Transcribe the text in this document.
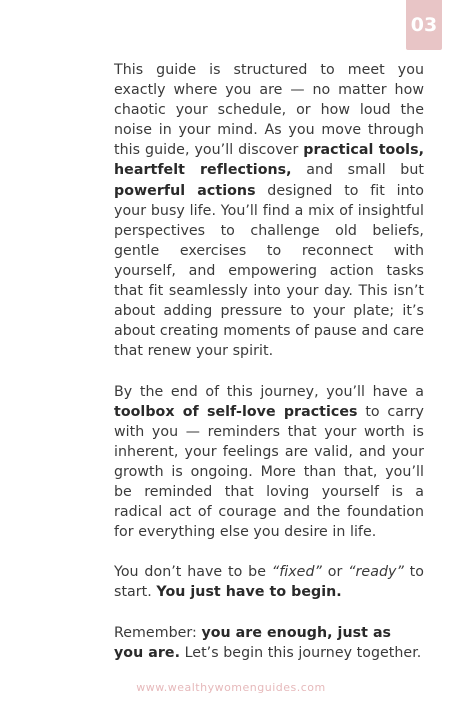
03

This guide is structured to meet you exactly where you are — no matter how chaotic your schedule, or how loud the noise in your mind. As you move through this guide, you’ll discover practical tools, heartfelt reflections, and small but powerful actions designed to fit into your busy life. You’ll find a mix of insightful perspectives to challenge old beliefs, gentle exercises to reconnect with yourself, and empowering action tasks that fit seamlessly into your day. This isn’t about adding pressure to your plate; it’s about creating moments of pause and care that renew your spirit.

By the end of this journey, you’ll have a toolbox of self-love practices to carry with you — reminders that your worth is inherent, your feelings are valid, and your growth is ongoing. More than that, you’ll be reminded that loving yourself is a radical act of courage and the foundation for everything else you desire in life.

You don’t have to be “fixed” or “ready” to start. You just have to begin.

Remember: you are enough, just as you are. Let’s begin this journey together.

www.wealthywomenguides.com
